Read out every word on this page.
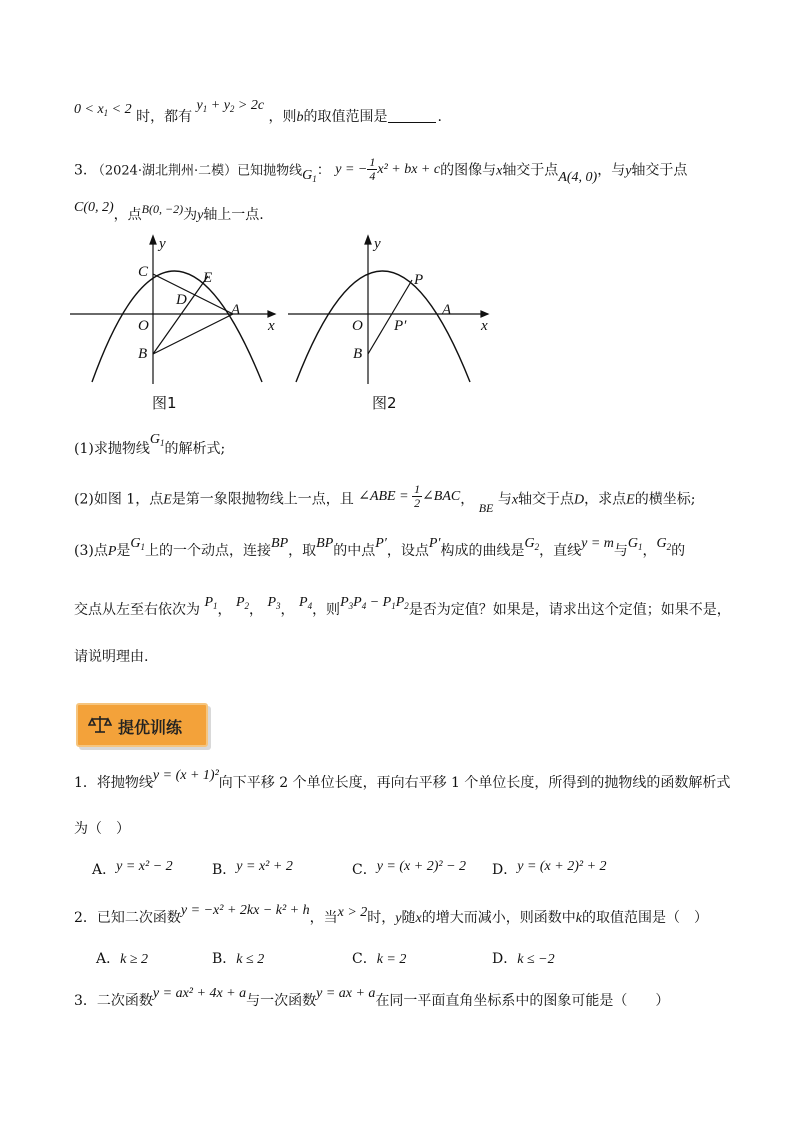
$0 < x_1 < 2$ 时，都有 $y_1 + y_2 > 2c$ ，则b的取值范围是	.
3. （2024·湖北荆州·二模）已知抛物线$G_1$： y = − $\frac{1}{4} x^2$ + bx + c的图像与x轴交于点A(4, 0)，与y轴交于点
C(0, 2)，点B(0, −2)为y轴上一点.
y
x
C	E
D
A
O
B
图1
y
x
P
P′
A
O
B
图2
(1)求抛物线$G_1$的解析式;
(2)如图 1，点E是第一象限抛物线上一点，且 ∠ABE = $\frac{1}{2}$ ∠BAC， BE 与x轴交于点D，求点E的横坐标;
(3)点P是$G_1$上的一个动点，连接BP，取BP的中点P′，设点P′构成的曲线是$G_2$，直线y = m与$G_1$，$G_2$的
交点从左至右依次为 $P_1$， $P_2$， $P_3$， $P_4$，则$P_3P_4 - P_1P_2$是否为定值？如果是，请求出这个定值；如果不是，
请说明理由.
提优训练
1．将抛物线y = (x + 1)²向下平移 2 个单位长度，再向右平移 1 个单位长度，所得到的抛物线的函数解析式
为（　）
A．y = x² − 2	B．y = x² + 2	C．y = (x + 2)² − 2 D．y = (x + 2)² + 2
2．已知二次函数y = −x² + 2kx − k² + h，当x > 2时，y随x的增大而减小，则函数中k的取值范围是（　）
A．k ≥ 2	B．k ≤ 2	C．k = 2	D．k ≤ −2
3．二次函数y = ax² + 4x + a与一次函数y = ax + a在同一平面直角坐标系中的图象可能是（　　）
